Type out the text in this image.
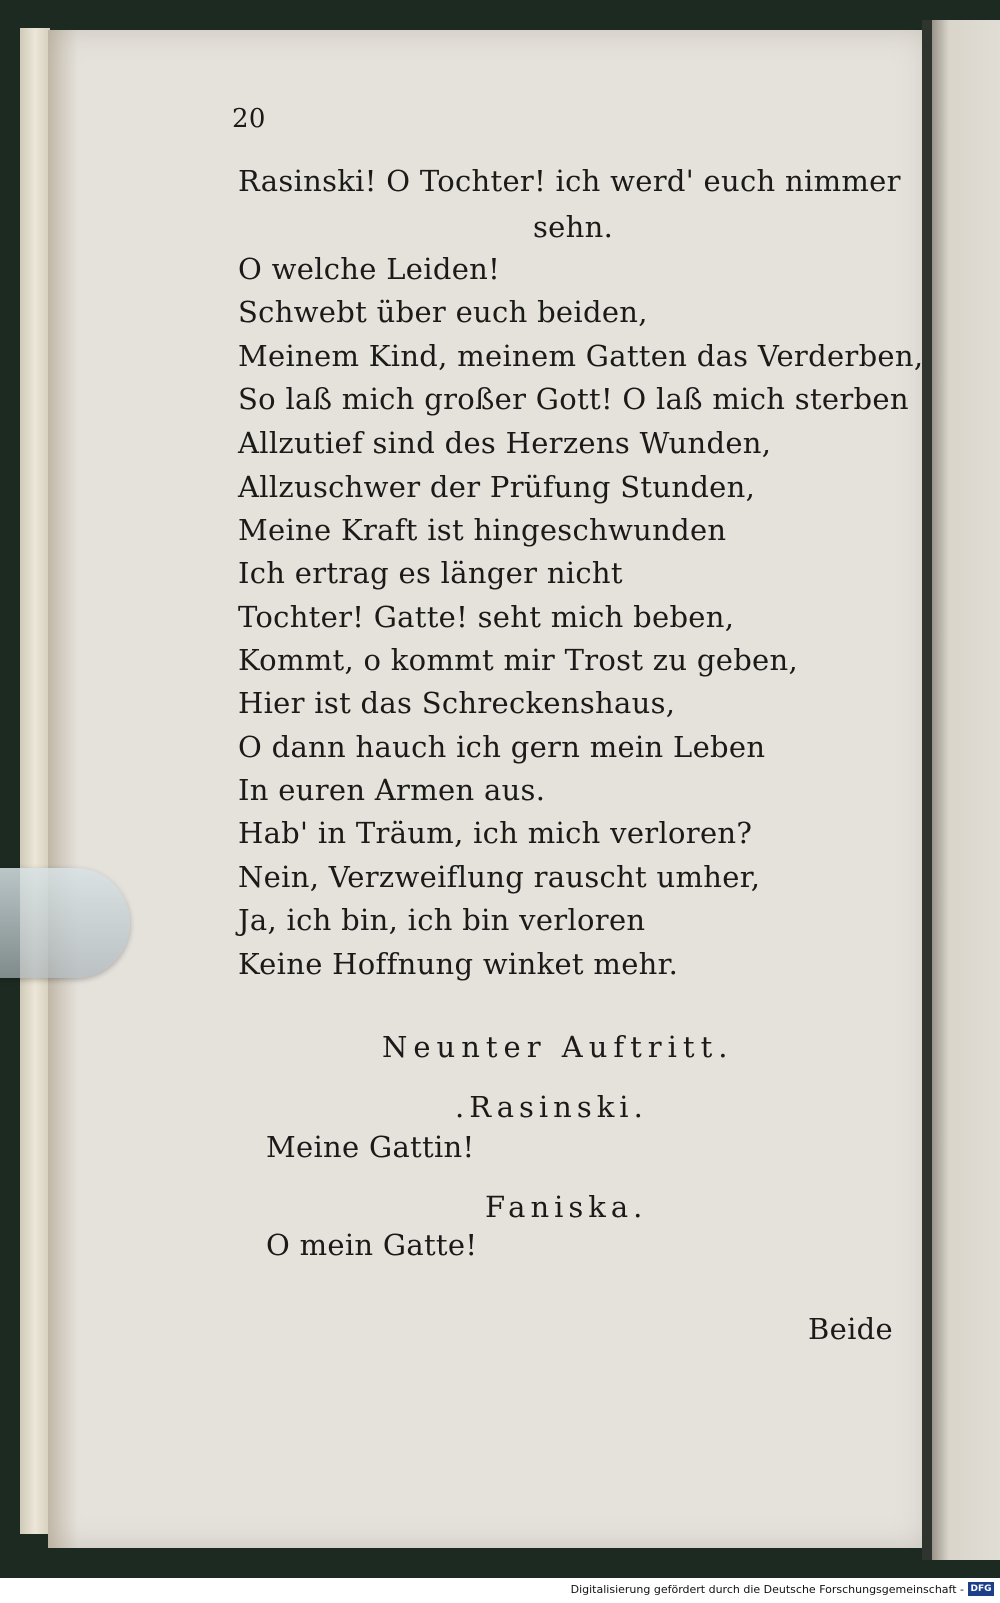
20
Rasinski! O Tochter! ich werd' euch nimmer
sehn.
O welche Leiden!
Schwebt über euch beiden,
Meinem Kind, meinem Gatten das Verderben,
So laß mich großer Gott! O laß mich sterben
Allzutief sind des Herzens Wunden,
Allzuschwer der Prüfung Stunden,
Meine Kraft ist hingeschwunden
Ich ertrag es länger nicht
Tochter! Gatte! seht mich beben,
Kommt, o kommt mir Trost zu geben,
Hier ist das Schreckenshaus,
O dann hauch ich gern mein Leben
In euren Armen aus.
Hab' in Träum, ich mich verloren?
Nein, Verzweiflung rauscht umher,
Ja, ich bin, ich bin verloren
Keine Hoffnung winket mehr.
Neunter Auftritt.
.Rasinski.
Meine Gattin!
Faniska.
O mein Gatte!
Beide
Digitalisierung gefördert durch die Deutsche Forschungsgemeinschaft - DFG
